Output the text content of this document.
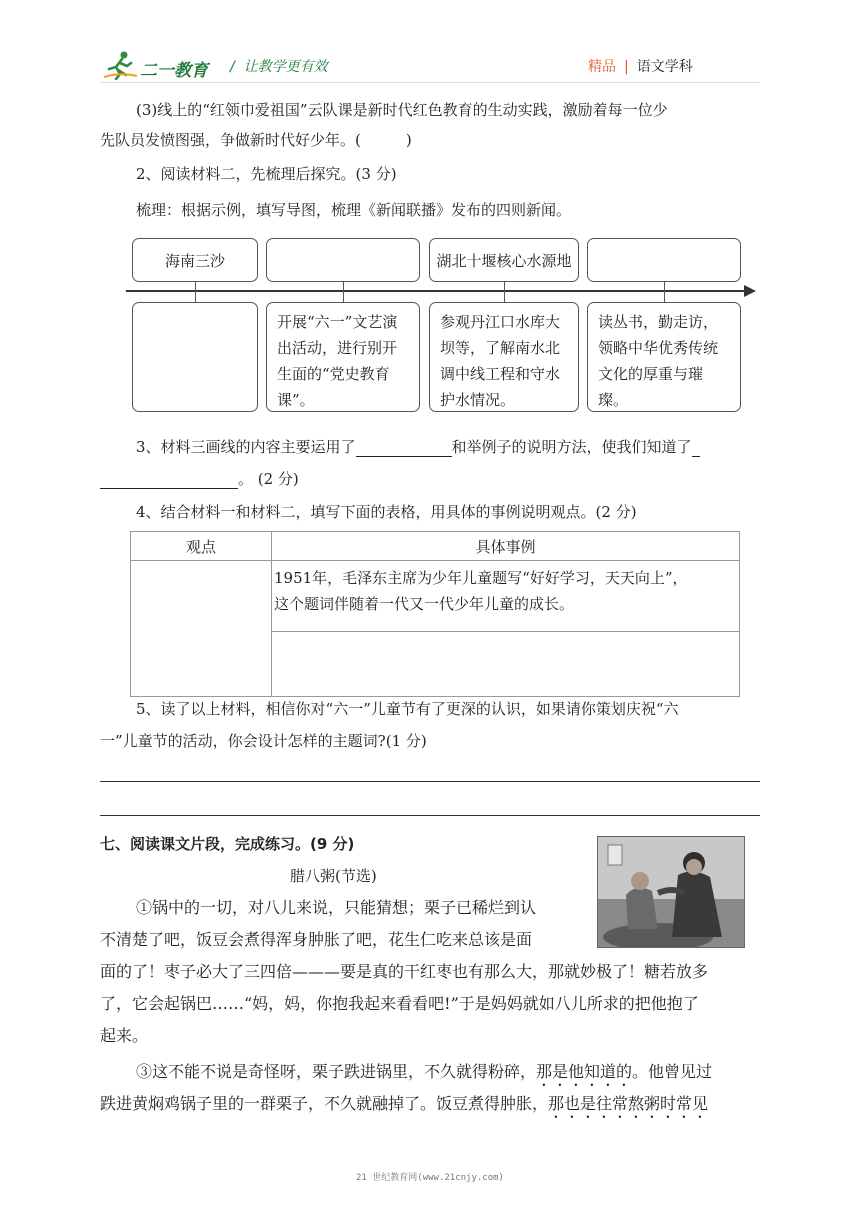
二一教育 /  让教学更有效	精品 | 语文学科
(3)线上的“红领巾爱祖国”云队课是新时代红色教育的生动实践，激励着每一位少
先队员发愤图强，争做新时代好少年。(　　　)
2、阅读材料二，先梳理后探究。(3 分)
梳理：根据示例，填写导图，梳理《新闻联播》发布的四则新闻。
海南三沙	湖北十堰核心水源地
开展“六一”文艺演出活动，进行别开生面的“党史教育课”。
参观丹江口水库大坝等，了解南水北调中线工程和守水护水情况。
读丛书，勤走访，领略中华优秀传统文化的厚重与璀璨。
3、材料三画线的内容主要运用了	和举例子的说明方法，使我们知道了
。 (2 分)
4、结合材料一和材料二，填写下面的表格，用具体的事例说明观点。(2 分)
观点	具体事例

	1951年，毛泽东主席为少年儿童题写“好好学习，天天向上”，
这个题词伴随着一代又一代少年儿童的成长。

5、读了以上材料，相信你对“六一”儿童节有了更深的认识，如果请你策划庆祝“六
一”儿童节的活动，你会设计怎样的主题词?(1 分)
七、阅读课文片段，完成练习。(9 分)
腊八粥(节选)
①锅中的一切，对八儿来说，只能猜想；栗子已稀烂到认
不清楚了吧，饭豆会煮得浑身肿胀了吧，花生仁吃来总该是面
面的了！枣子必大了三四倍———要是真的干红枣也有那么大，那就妙极了！糖若放多
了，它会起锅巴……“妈，妈，你抱我起来看看吧!”于是妈妈就如八儿所求的把他抱了
起来。
③这不能不说是奇怪呀，栗子跌进锅里，不久就得粉碎，那是他知道的。他曾见过
跌进黄焖鸡锅子里的一群栗子，不久就融掉了。饭豆煮得肿胀，那也是往常熬粥时常见
21 世纪教育网(www.21cnjy.com)
